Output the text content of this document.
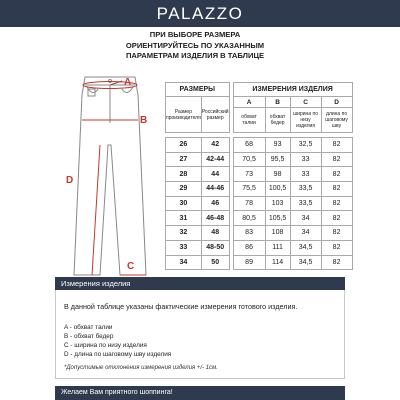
PALAZZO
ПРИ ВЫБОРЕ РАЗМЕРА
ОРИЕНТИРУЙТЕСЬ ПО УКАЗАННЫМ
ПАРАМЕТРАМ ИЗДЕЛИЯ В ТАБЛИЦЕ
A
B
C
D
РАЗМЕРЫ			ИЗМЕРЕНИЯ ИЗДЕЛИЯ			
Размер производителя	Российский размер		A	B	C	D
			обхват талии	обхват бедер	ширина по низу изделия	длина по шаговому шву

26	42		68	93	32,5	82
27	42-44		70,5	95,5	33	82
28	44		73	98	33	82
29	44-46		75,5	100,5	33,5	82
30	46		78	103	33,5	82
31	46-48		80,5	105,5	34	82
32	48		83	108	34	82
33	48-50		86	111	34,5	82
34	50		89	114	34,5	82
Измерения изделия
В данной таблице указаны фактические измерения готового изделия.
A - обхват талии
B - обхват бедер
C - ширина по низу изделия
D - длина по шаговому шву изделия
*Допустимые отклонения измерения изделия +/- 1см.
Желаем Вам приятного шоппинга!
